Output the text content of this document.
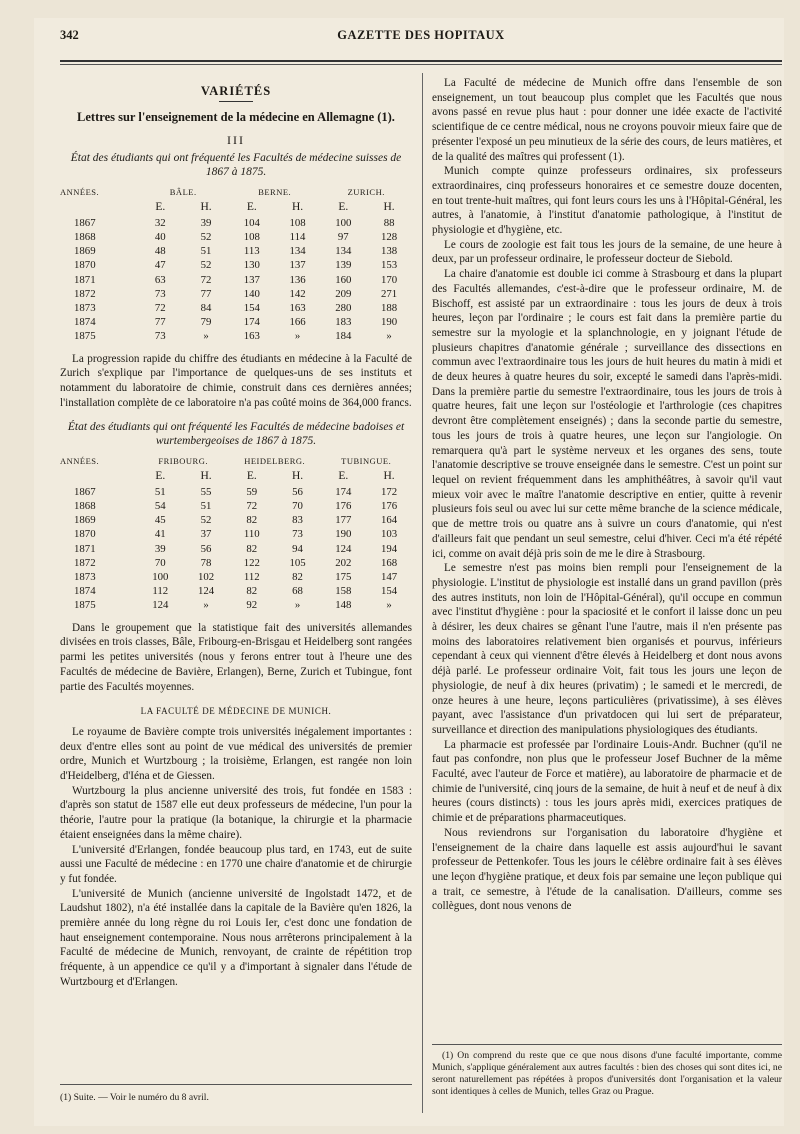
342	GAZETTE DES HOPITAUX
VARIÉTÉS
Lettres sur l'enseignement de la médecine en Allemagne (1).
III
État des étudiants qui ont fréquenté les Facultés de médecine suisses de 1867 à 1875.
ANNÉES.	BÂLE.		BERNE.		ZURICH.	
	E.	H.	E.	H.	E.	H.
1867	32	39	104	108	100	88
1868	40	52	108	114	97	128
1869	48	51	113	134	134	138
1870	47	52	130	137	139	153
1871	63	72	137	136	160	170
1872	73	77	140	142	209	271
1873	72	84	154	163	280	188
1874	77	79	174	166	183	190
1875	73	»	163	»	184	»

La progression rapide du chiffre des étudiants en médecine à la Faculté de Zurich s'explique par l'importance de quelques-uns de ses instituts et notamment du laboratoire de chimie, construit dans ces dernières années; l'installation complète de ce laboratoire n'a pas coûté moins de 364,000 francs.

État des étudiants qui ont fréquenté les Facultés de médecine badoises et wurtembergeoises de 1867 à 1875.
ANNÉES.	FRIBOURG.		HEIDELBERG.		TUBINGUE.	
	E.	H.	E.	H.	E.	H.
1867	51	55	59	56	174	172
1868	54	51	72	70	176	176
1869	45	52	82	83	177	164
1870	41	37	110	73	190	103
1871	39	56	82	94	124	194
1872	70	78	122	105	202	168
1873	100	102	112	82	175	147
1874	112	124	82	68	158	154
1875	124	»	92	»	148	»

Dans le groupement que la statistique fait des universités allemandes divisées en trois classes, Bâle, Fribourg-en-Brisgau et Heidelberg sont rangées parmi les petites universités (nous y ferons entrer tout à l'heure une des Facultés de médecine de Bavière, Erlangen), Berne, Zurich et Tubingue, font partie des Facultés moyennes.

LA FACULTÉ DE MÉDECINE DE MUNICH.

Le royaume de Bavière compte trois universités inégalement importantes : deux d'entre elles sont au point de vue médical des universités de premier ordre, Munich et Wurtzbourg ; la troisième, Erlangen, est rangée non loin d'Heidelberg, d'Iéna et de Giessen.

Wurtzbourg la plus ancienne université des trois, fut fondée en 1583 : d'après son statut de 1587 elle eut deux professeurs de médecine, l'un pour la théorie, l'autre pour la pratique (la botanique, la chirurgie et la pharmacie étaient enseignées dans la même chaire).

L'université d'Erlangen, fondée beaucoup plus tard, en 1743, eut de suite aussi une Faculté de médecine : en 1770 une chaire d'anatomie et de chirurgie y fut fondée.

L'université de Munich (ancienne université de Ingolstadt 1472, et de Laudshut 1802), n'a été installée dans la capitale de la Bavière qu'en 1826, la première année du long règne du roi Louis Ier, c'est donc une fondation de haut enseignement contemporaine. Nous nous arrêterons principalement à la Faculté de médecine de Munich, renvoyant, de crainte de répétition trop fréquente, à un appendice ce qu'il y a d'important à signaler dans l'étude de Wurtzbourg et d'Erlangen.

(1) Suite. — Voir le numéro du 8 avril.

La Faculté de médecine de Munich offre dans l'ensemble de son enseignement, un tout beaucoup plus complet que les Facultés que nous avons passé en revue plus haut : pour donner une idée exacte de l'activité scientifique de ce centre médical, nous ne croyons pouvoir mieux faire que de présenter l'exposé un peu minutieux de la série des cours, de leurs matières, et de la qualité des maîtres qui professent (1).

Munich compte quinze professeurs ordinaires, six professeurs extraordinaires, cinq professeurs honoraires et ce semestre douze docenten, en tout trente-huit maîtres, qui font leurs cours les uns à l'Hôpital-Général, les autres, à l'anatomie, à l'institut d'anatomie pathologique, à l'institut de physiologie et d'hygiène, etc.

Le cours de zoologie est fait tous les jours de la semaine, de une heure à deux, par un professeur ordinaire, le professeur docteur de Siebold.

La chaire d'anatomie est double ici comme à Strasbourg et dans la plupart des Facultés allemandes, c'est-à-dire que le professeur ordinaire, M. de Bischoff, est assisté par un extraordinaire : tous les jours de deux à trois heures, leçon par l'ordinaire ; le cours est fait dans la première partie du semestre sur la myologie et la splanchnologie, en y joignant l'étude de plusieurs chapitres d'anatomie générale ; surveillance des dissections en commun avec l'extraordinaire tous les jours de huit heures du matin à midi et de deux heures à quatre heures du soir, excepté le samedi dans l'après-midi. Dans la première partie du semestre l'extraordinaire, tous les jours de trois à quatre heures, fait une leçon sur l'ostéologie et l'arthrologie (ces chapitres devront être complètement enseignés) ; dans la seconde partie du semestre, tous les jours de trois à quatre heures, une leçon sur l'angiologie. On remarquera qu'à part le système nerveux et les organes des sens, toute l'anatomie descriptive se trouve enseignée dans le semestre. C'est un point sur lequel on revient fréquemment dans les amphithéâtres, à savoir qu'il vaut mieux voir avec le maître l'anatomie descriptive en entier, quitte à revenir plusieurs fois seul ou avec lui sur cette même branche de la science médicale, que de mettre trois ou quatre ans à suivre un cours d'anatomie, qui n'est d'ailleurs fait que pendant un seul semestre, celui d'hiver. Ceci m'a été répété ici, comme on avait déjà pris soin de me le dire à Strasbourg.

Le semestre n'est pas moins bien rempli pour l'enseignement de la physiologie. L'institut de physiologie est installé dans un grand pavillon (près des autres instituts, non loin de l'Hôpital-Général), qu'il occupe en commun avec l'institut d'hygiène : pour la spaciosité et le confort il laisse donc un peu à désirer, les deux chaires se gênant l'une l'autre, mais il n'en présente pas moins des laboratoires relativement bien organisés et pourvus, inférieurs cependant à ceux qui viennent d'être élevés à Heidelberg et dont nous avons déjà parlé. Le professeur ordinaire Voit, fait tous les jours une leçon de physiologie, de neuf à dix heures (privatim) ; le samedi et le mercredi, de onze heures à une heure, leçons particulières (privatissime), à ses élèves payant, avec l'assistance d'un privatdocen qui lui sert de préparateur, surveillance et direction des manipulations physiologiques des étudiants.

La pharmacie est professée par l'ordinaire Louis-Andr. Buchner (qu'il ne faut pas confondre, non plus que le professeur Josef Buchner de la même Faculté, avec l'auteur de Force et matière), au laboratoire de pharmacie et de chimie de l'université, cinq jours de la semaine, de huit à neuf et de neuf à dix heures (cours distincts) : tous les jours après midi, exercices pratiques de chimie et de préparations pharmaceutiques.

Nous reviendrons sur l'organisation du laboratoire d'hygiène et l'enseignement de la chaire dans laquelle est assis aujourd'hui le savant professeur de Pettenkofer. Tous les jours le célèbre ordinaire fait à ses élèves une leçon d'hygiène pratique, et deux fois par semaine une leçon publique qui a trait, ce semestre, à l'étude de la canalisation. D'ailleurs, comme ses collègues, dont nous venons de

(1) On comprend du reste que ce que nous disons d'une faculté importante, comme Munich, s'applique généralement aux autres facultés : bien des choses qui sont dites ici, ne seront naturellement pas répétées à propos d'universités dont l'organisation et la valeur sont identiques à celles de Munich, telles Graz ou Prague.
